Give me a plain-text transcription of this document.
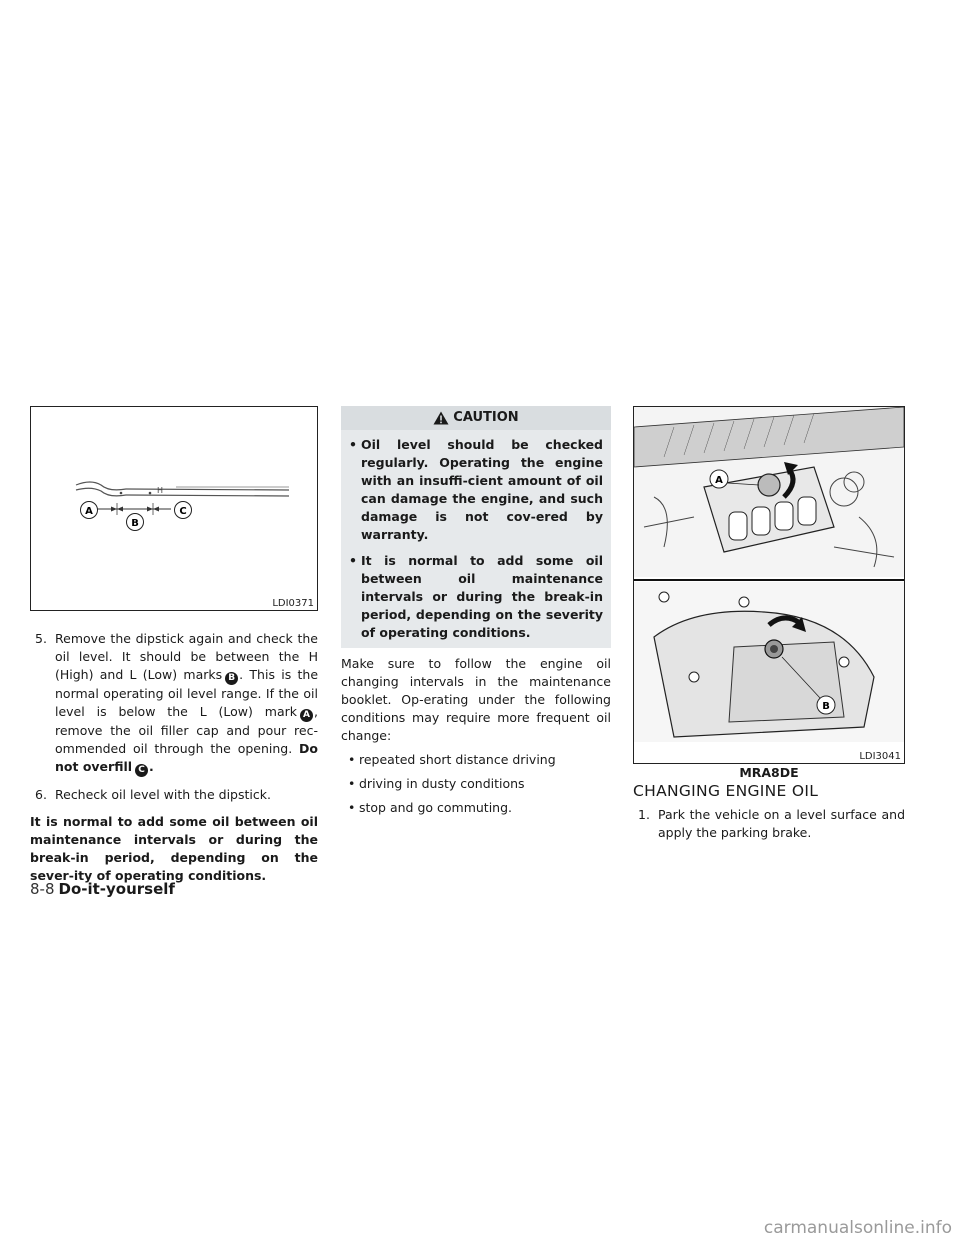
H
A
B
C
LDI0371
5. Remove the dipstick again and check the oil level. It should be between the H (High) and L (Low) marks B . This is the normal operating oil level range. If the oil level is below the L (Low) mark A , remove the oil filler cap and pour rec-ommended oil through the opening. Do not overfill C .
6. Recheck oil level with the dipstick.
It is normal to add some oil between oil maintenance intervals or during the break-in period, depending on the sever-ity of operating conditions.
CAUTION
• Oil level should be checked regularly. Operating the engine with an insuffi-cient amount of oil can damage the engine, and such damage is not cov-ered by warranty.
• It is normal to add some oil between oil maintenance intervals or during the break-in period, depending on the severity of operating conditions.
Make sure to follow the engine oil changing intervals in the maintenance booklet. Op-erating under the following conditions may require more frequent oil change:
• repeated short distance driving
• driving in dusty conditions
• stop and go commuting.
A
B
LDI3041
MRA8DE
CHANGING ENGINE OIL
1. Park the vehicle on a level surface and apply the parking brake.
8-8 Do-it-yourself
carmanualsonline.info
